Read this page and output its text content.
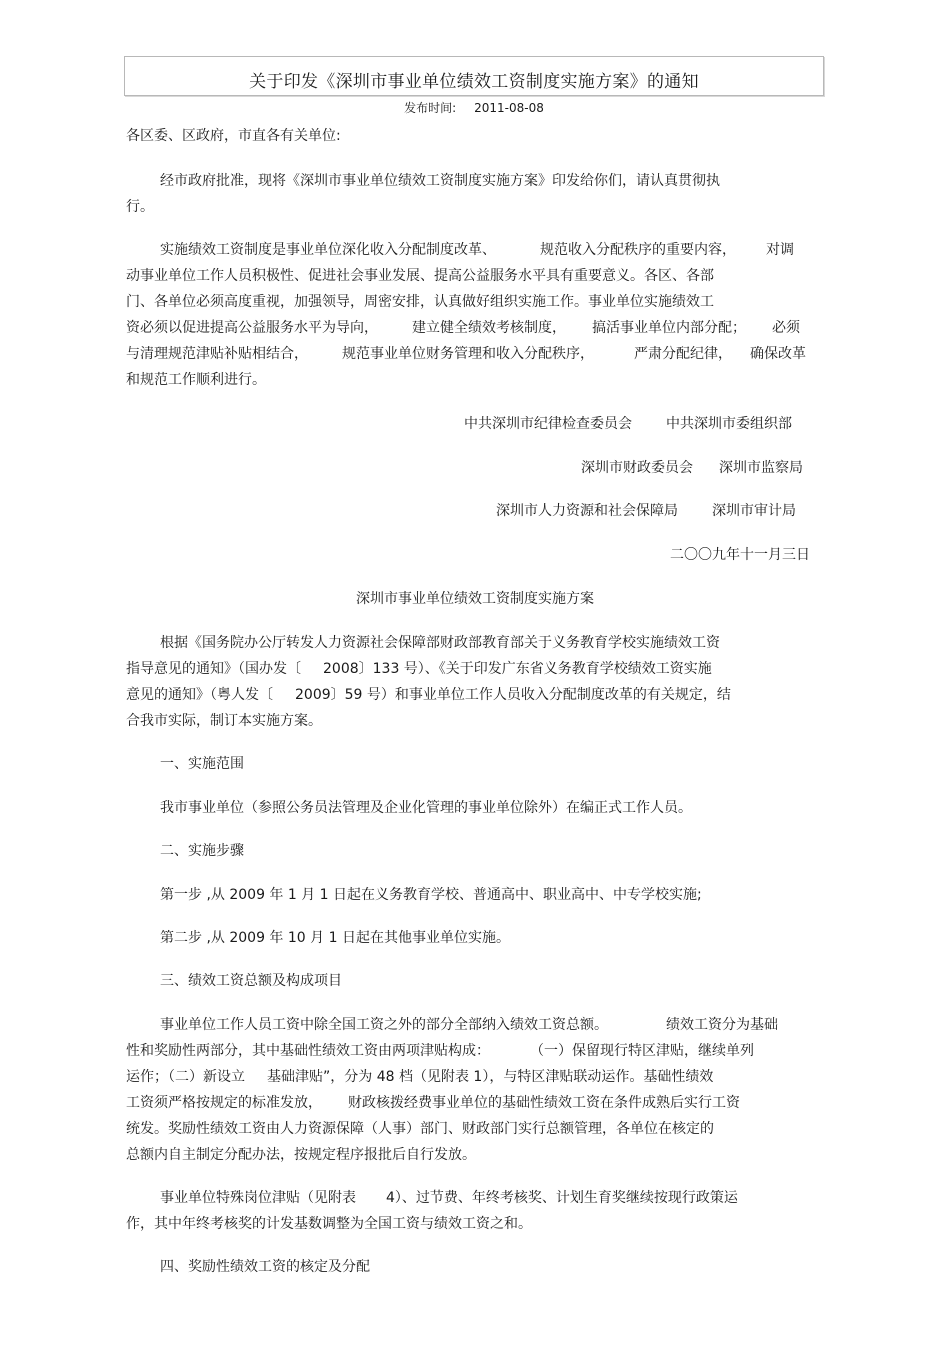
关于印发《深圳市事业单位绩效工资制度实施方案》的通知
发布时间: 2011-08-08
各区委、区政府，市直各有关单位:
经市政府批准，现将《深圳市事业单位绩效工资制度实施方案》印发给你们，请认真贯彻执
行。
实施绩效工资制度是事业单位深化收入分配制度改革、	规范收入分配秩序的重要内容， 对调
动事业单位工作人员积极性、促进社会事业发展、提高公益服务水平具有重要意义。各区、各部
门、各单位必须高度重视，加强领导，周密安排，认真做好组织实施工作。事业单位实施绩效工
资必须以促进提高公益服务水平为导向， 建立健全绩效考核制度， 搞活事业单位内部分配； 必须
与清理规范津贴补贴相结合， 规范事业单位财务管理和收入分配秩序，	严肃分配纪律， 确保改革
和规范工作顺利进行。
中共深圳市纪律检查委员会 中共深圳市委组织部
深圳市财政委员会 深圳市监察局
深圳市人力资源和社会保障局 深圳市审计局
二〇〇九年十一月三日
深圳市事业单位绩效工资制度实施方案
根据《国务院办公厅转发人力资源社会保障部财政部教育部关于义务教育学校实施绩效工资
指导意见的通知》（国办发〔 2008〕133 号）、《关于印发广东省义务教育学校绩效工资实施
意见的通知》（粤人发〔 2009〕59 号）和事业单位工作人员收入分配制度改革的有关规定，结
合我市实际，制订本实施方案。
一、实施范围
我市事业单位（参照公务员法管理及企业化管理的事业单位除外）在编正式工作人员。
二、实施步骤
第一步 ,从 2009 年 1 月 1 日起在义务教育学校、普通高中、职业高中、中专学校实施;
第二步 ,从 2009 年 10 月 1 日起在其他事业单位实施。
三、绩效工资总额及构成项目
事业单位工作人员工资中除全国工资之外的部分全部纳入绩效工资总额。	绩效工资分为基础
性和奖励性两部分，其中基础性绩效工资由两项津贴构成：	（一）保留现行特区津贴，继续单列
运作；（二）新设立 基础津贴”，分为 48 档（见附表 1），与特区津贴联动运作。基础性绩效
工资须严格按规定的标准发放， 财政核拨经费事业单位的基础性绩效工资在条件成熟后实行工资
统发。奖励性绩效工资由人力资源保障（人事）部门、财政部门实行总额管理，各单位在核定的
总额内自主制定分配办法，按规定程序报批后自行发放。
事业单位特殊岗位津贴（见附表 4）、过节费、年终考核奖、计划生育奖继续按现行政策运
作，其中年终考核奖的计发基数调整为全国工资与绩效工资之和。
四、奖励性绩效工资的核定及分配
